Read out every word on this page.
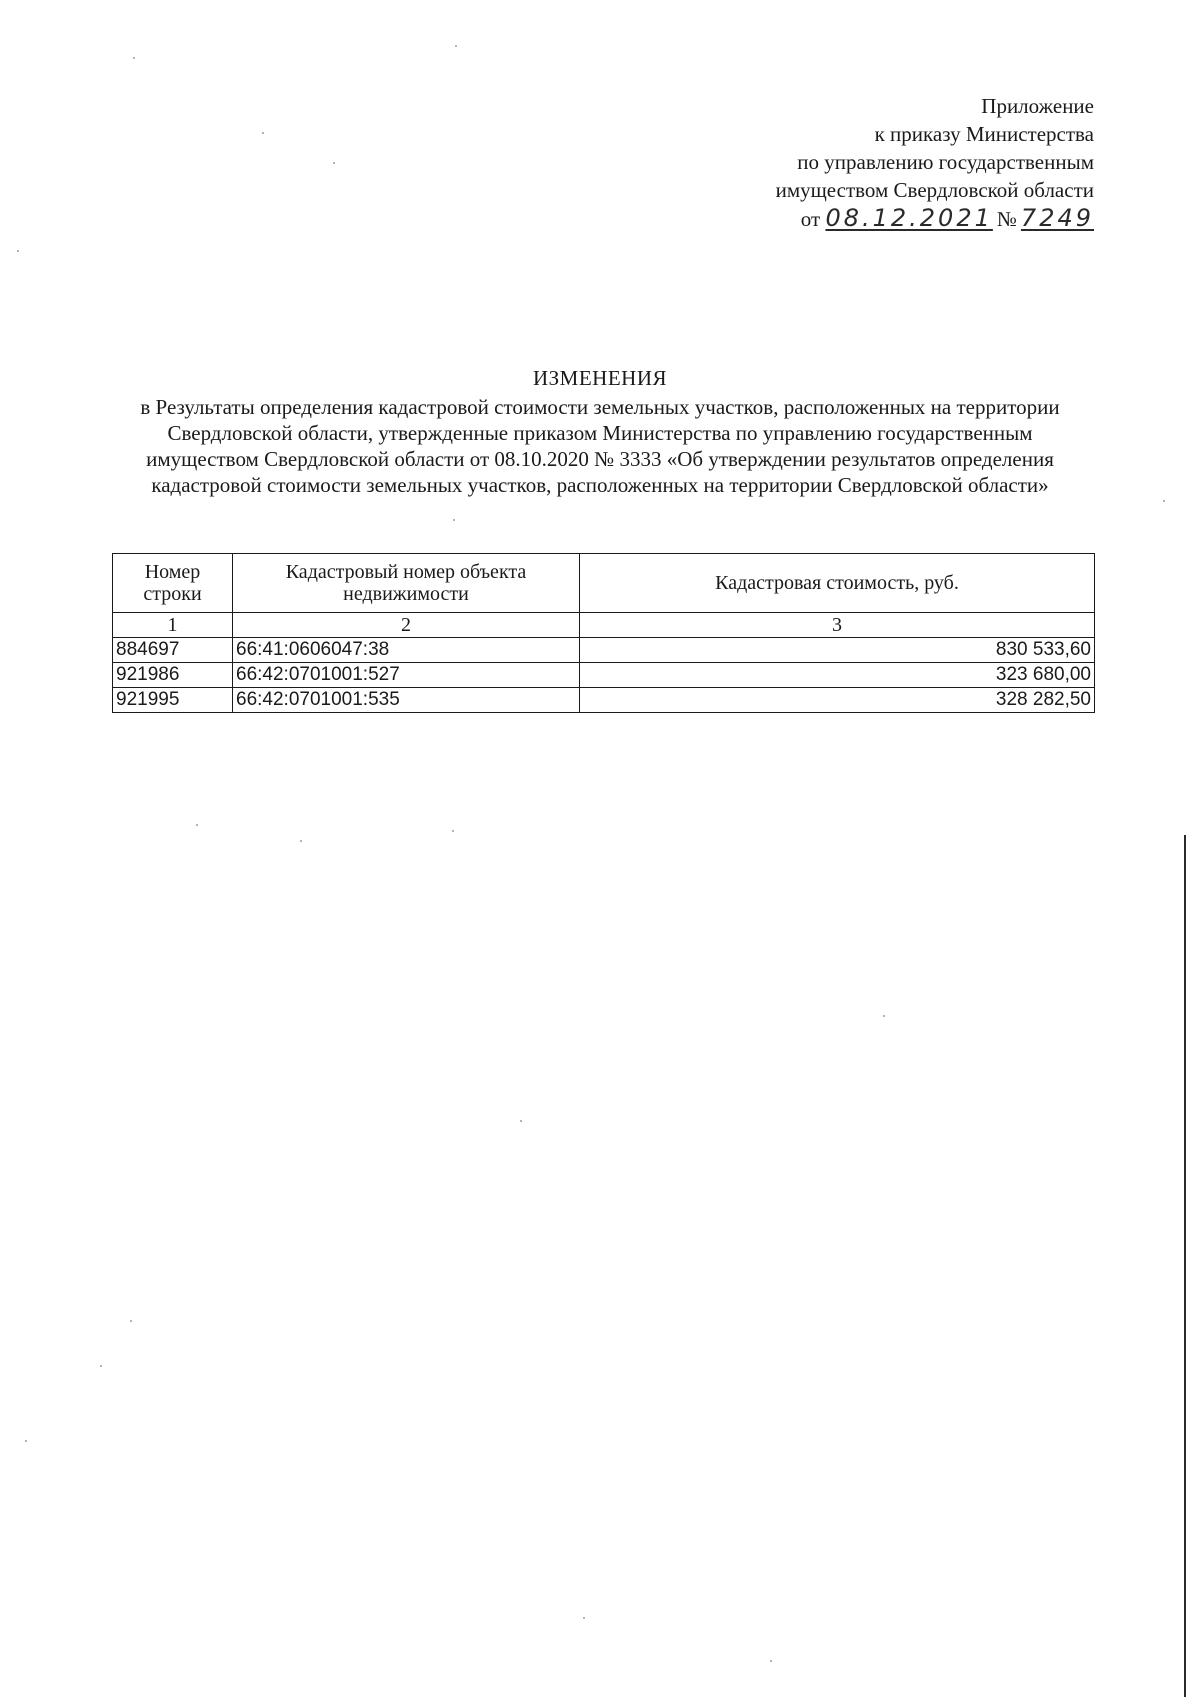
Приложение
к приказу Министерства
по управлению государственным
имуществом Свердловской области
от 08.12.2021 № 7249
ИЗМЕНЕНИЯ
в Результаты определения кадастровой стоимости земельных участков, расположенных на территории
Свердловской области, утвержденные приказом Министерства по управлению государственным
имуществом Свердловской области от 08.10.2020 № 3333 «Об утверждении результатов определения
кадастровой стоимости земельных участков, расположенных на территории Свердловской области»
Номер строки	Кадастровый номер объекта недвижимости	Кадастровая стоимость, руб.
1	2	3
884697	66:41:0606047:38	830 533,60
921986	66:42:0701001:527	323 680,00
921995	66:42:0701001:535	328 282,50
